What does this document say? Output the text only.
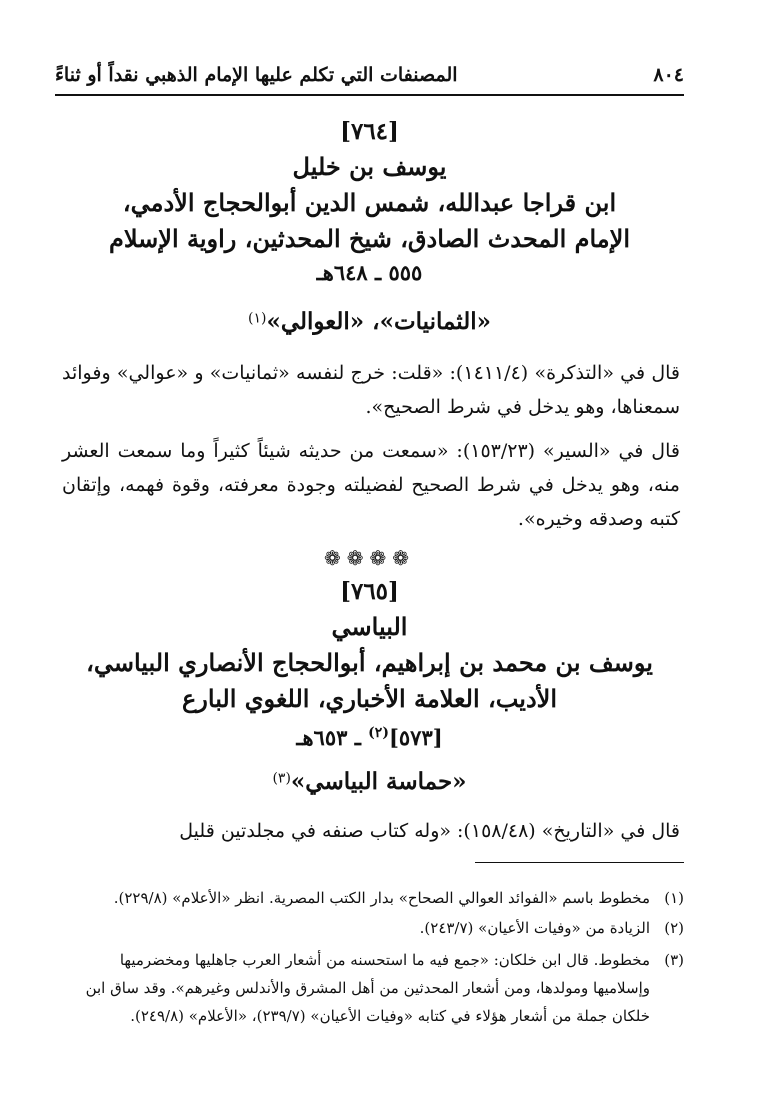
٨٠٤
المصنفات التي تكلم عليها الإمام الذهبي نقداً أو ثناءً
[٧٦٤]
يوسف بن خليل
ابن قراجا عبدالله، شمس الدين أبوالحجاج الأدمي،
الإمام المحدث الصادق، شيخ المحدثين، راوية الإسلام
٥٥٥ ـ ٦٤٨هـ
«الثمانيات»، «العوالي»$^{(١)}$
قال في «التذكرة» (١٤١١/٤): «قلت: خرج لنفسه «ثمانيات» و «عوالي» وفوائد سمعناها، وهو يدخل في شرط الصحيح».
قال في «السير» (١٥٣/٢٣): «سمعت من حديثه شيئاً كثيراً وما سمعت العشر منه، وهو يدخل في شرط الصحيح لفضيلته وجودة معرفته، وقوة فهمه، وإتقان كتبه وصدقه وخيره».
❁❁❁❁
[٧٦٥]
البياسي
يوسف بن محمد بن إبراهيم، أبوالحجاج الأنصاري البياسي،
الأديب، العلامة الأخباري، اللغوي البارع
[٥٧٣]$^{(٢)}$ ـ ٦٥٣هـ
«حماسة البياسي»$^{(٣)}$
قال في «التاريخ» (١٥٨/٤٨): «وله كتاب صنفه في مجلدتين قليل
(١)
مخطوط باسم «الفوائد العوالي الصحاح» بدار الكتب المصرية. انظر «الأعلام» (٢٢٩/٨).
(٢)
الزيادة من «وفيات الأعيان» (٢٤٣/٧).
(٣)
مخطوط. قال ابن خلكان: «جمع فيه ما استحسنه من أشعار العرب جاهليها ومخضرميها وإسلاميها ومولدها، ومن أشعار المحدثين من أهل المشرق والأندلس وغيرهم». وقد ساق ابن خلكان جملة من أشعار هؤلاء في كتابه «وفيات الأعيان» (٢٣٩/٧)، «الأعلام» (٢٤٩/٨).
